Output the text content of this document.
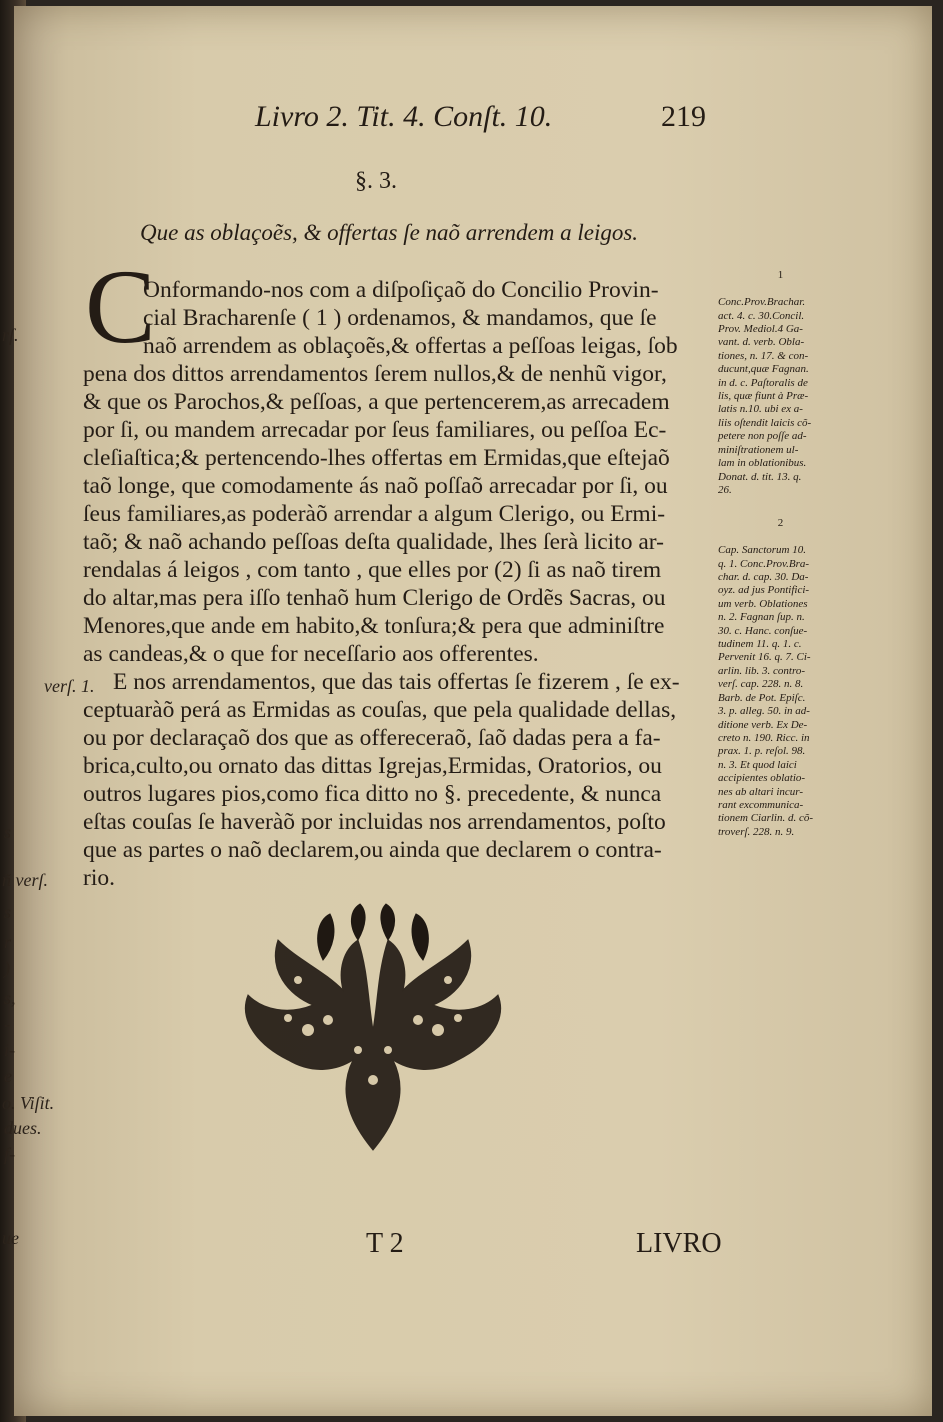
rſ.
verſ. 1.
s
ñ verſ.
s
r
)
s,
-
i-
e
o. Viſit.
dues.
f-
ue
Livro 2. Tit. 4. Conſt. 10.	219
§. 3.
Que as oblaçoẽs, & offertas ſe naõ arrendem a leigos.
C
Onformando-nos com a diſpoſiçaõ do Concilio Provin-
cial Bracharenſe ( 1 ) ordenamos, & mandamos, que ſe
naõ arrendem as oblaçoẽs,& offertas a peſſoas leigas, ſob
pena dos dittos arrendamentos ſerem nullos,& de nenhũ vigor,
& que os Parochos,& peſſoas, a que pertencerem,as arrecadem
por ſi, ou mandem arrecadar por ſeus familiares, ou peſſoa Ec-
cleſiaſtica;& pertencendo-lhes offertas em Ermidas,que eſtejaõ
taõ longe, que comodamente ás naõ poſſaõ arrecadar por ſi, ou
ſeus familiares,as poderàõ arrendar a algum Clerigo, ou Ermi-
taõ; & naõ achando peſſoas deſta qualidade, lhes ſerà licito ar-
rendalas á leigos , com tanto , que elles por (2) ſi as naõ tirem
do altar,mas pera iſſo tenhaõ hum Clerigo de Ordẽs Sacras, ou
Menores,que ande em habito,& tonſura;& pera que adminiſtre
as candeas,& o que for neceſſario aos offerentes.
E nos arrendamentos, que das tais offertas ſe fizerem , ſe ex-
ceptuaràõ perá as Ermidas as couſas, que pela qualidade dellas,
ou por declaraçaõ dos que as offereceraõ, ſaõ dadas pera a fa-
brica,culto,ou ornato das dittas Igrejas,Ermidas, Oratorios, ou
outros lugares pios,como fica ditto no §. precedente, & nunca
eſtas couſas ſe haveràõ por incluidas nos arrendamentos, poſto
que as partes o naõ declarem,ou ainda que declarem o contra-
rio.

1

Conc.Prov.Brachar.
act. 4. c. 30.Concil.
Prov. Mediol.4 Ga-
vant. d. verb. Obla-
tiones, n. 17. & con-
ducunt,quæ Fagnan.
in d. c. Paſtoralis de
lis, quæ fiunt à Præ-
latis n.10. ubi ex a-
liis oſtendit laicis cõ-
petere non poſſe ad-
miniſtrationem ul-
lam in oblationibus.
Donat. d. tit. 13. q.
26.

2

Cap. Sanctorum 10.
q. 1. Conc.Prov.Bra-
char. d. cap. 30. Da-
oyz. ad jus Pontifici-
um verb. Oblationes
n. 2. Fagnan ſup. n.
30. c. Hanc. conſue-
tudinem 11. q. 1. c.
Pervenit 16. q. 7. Ci-
arlin. lib. 3. contro-
verſ. cap. 228. n. 8.
Barb. de Pot. Epiſc.
3. p. alleg. 50. in ad-
ditione verb. Ex De-
creto n. 190. Ricc. in
prax. 1. p. reſol. 98.
n. 3. Et quod laici
accipientes oblatio-
nes ab altari incur-
rant excommunica-
tionem Ciarlin. d. cõ-
troverſ. 228. n. 9.

T 2	LIVRO
